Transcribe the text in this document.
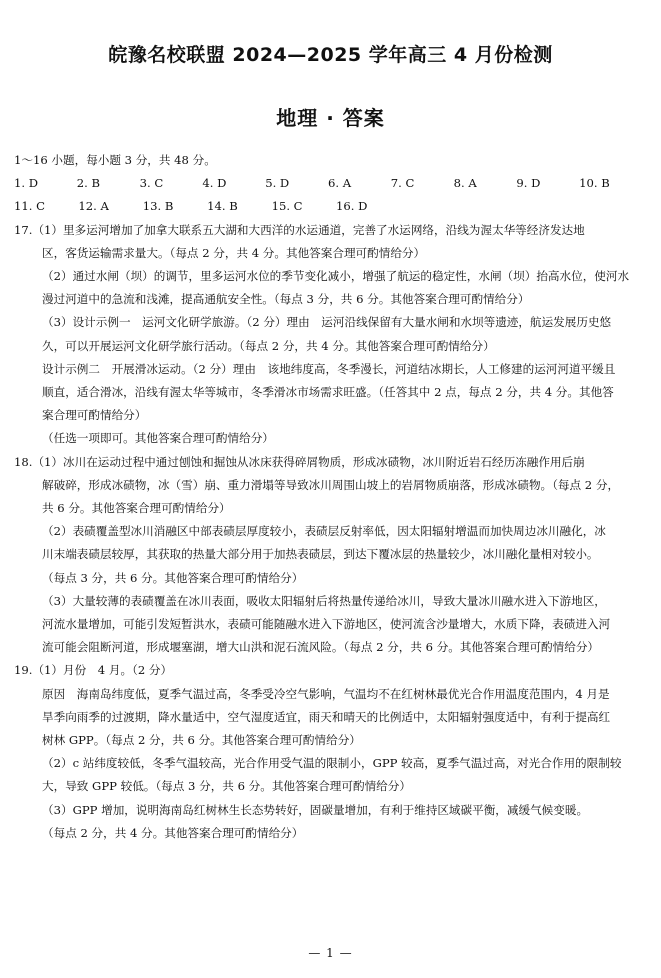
皖豫名校联盟 2024—2025 学年高三 4 月份检测
地理 · 答案
1～16 小题，每小题 3 分，共 48 分。
1. D	2. B	3. C	4. D	5. D	6. A	7. C	8. A	9. D	10. B
11. C	12. A	13. B	14. B	15. C	16. D
17.（1）里多运河增加了加拿大联系五大湖和大西洋的水运通道，完善了水运网络，沿线为渥太华等经济发达地
区，客货运输需求量大。（每点 2 分，共 4 分。其他答案合理可酌情给分）
（2）通过水闸（坝）的调节，里多运河水位的季节变化减小，增强了航运的稳定性，水闸（坝）抬高水位，使河水
漫过河道中的急流和浅滩，提高通航安全性。（每点 3 分，共 6 分。其他答案合理可酌情给分）
（3）设计示例一　运河文化研学旅游。（2 分）理由　运河沿线保留有大量水闸和水坝等遗迹，航运发展历史悠
久，可以开展运河文化研学旅行活动。（每点 2 分，共 4 分。其他答案合理可酌情给分）
设计示例二　开展滑冰运动。（2 分）理由　该地纬度高，冬季漫长，河道结冰期长，人工修建的运河河道平缓且
顺直，适合滑冰，沿线有渥太华等城市，冬季滑冰市场需求旺盛。（任答其中 2 点，每点 2 分，共 4 分。其他答
案合理可酌情给分）
（任选一项即可。其他答案合理可酌情给分）
18.（1）冰川在运动过程中通过刨蚀和掘蚀从冰床获得碎屑物质，形成冰碛物，冰川附近岩石经历冻融作用后崩
解破碎，形成冰碛物，冰（雪）崩、重力滑塌等导致冰川周围山坡上的岩屑物质崩落，形成冰碛物。（每点 2 分，
共 6 分。其他答案合理可酌情给分）
（2）表碛覆盖型冰川消融区中部表碛层厚度较小，表碛层反射率低，因太阳辐射增温而加快周边冰川融化，冰
川末端表碛层较厚，其获取的热量大部分用于加热表碛层，到达下覆冰层的热量较少，冰川融化量相对较小。
（每点 3 分，共 6 分。其他答案合理可酌情给分）
（3）大量较薄的表碛覆盖在冰川表面，吸收太阳辐射后将热量传递给冰川，导致大量冰川融水进入下游地区，
河流水量增加，可能引发短暂洪水，表碛可能随融水进入下游地区，使河流含沙量增大，水质下降，表碛进入河
流可能会阻断河道，形成堰塞湖，增大山洪和泥石流风险。（每点 2 分，共 6 分。其他答案合理可酌情给分）
19.（1）月份　4 月。（2 分）
原因　海南岛纬度低，夏季气温过高，冬季受冷空气影响，气温均不在红树林最优光合作用温度范围内，4 月是
旱季向雨季的过渡期，降水量适中，空气湿度适宜，雨天和晴天的比例适中，太阳辐射强度适中，有利于提高红
树林 GPP。（每点 2 分，共 6 分。其他答案合理可酌情给分）
（2）c 站纬度较低，冬季气温较高，光合作用受气温的限制小，GPP 较高，夏季气温过高，对光合作用的限制较
大，导致 GPP 较低。（每点 3 分，共 6 分。其他答案合理可酌情给分）
（3）GPP 增加，说明海南岛红树林生长态势转好，固碳量增加，有利于维持区域碳平衡，减缓气候变暖。
（每点 2 分，共 4 分。其他答案合理可酌情给分）
— 1 —
